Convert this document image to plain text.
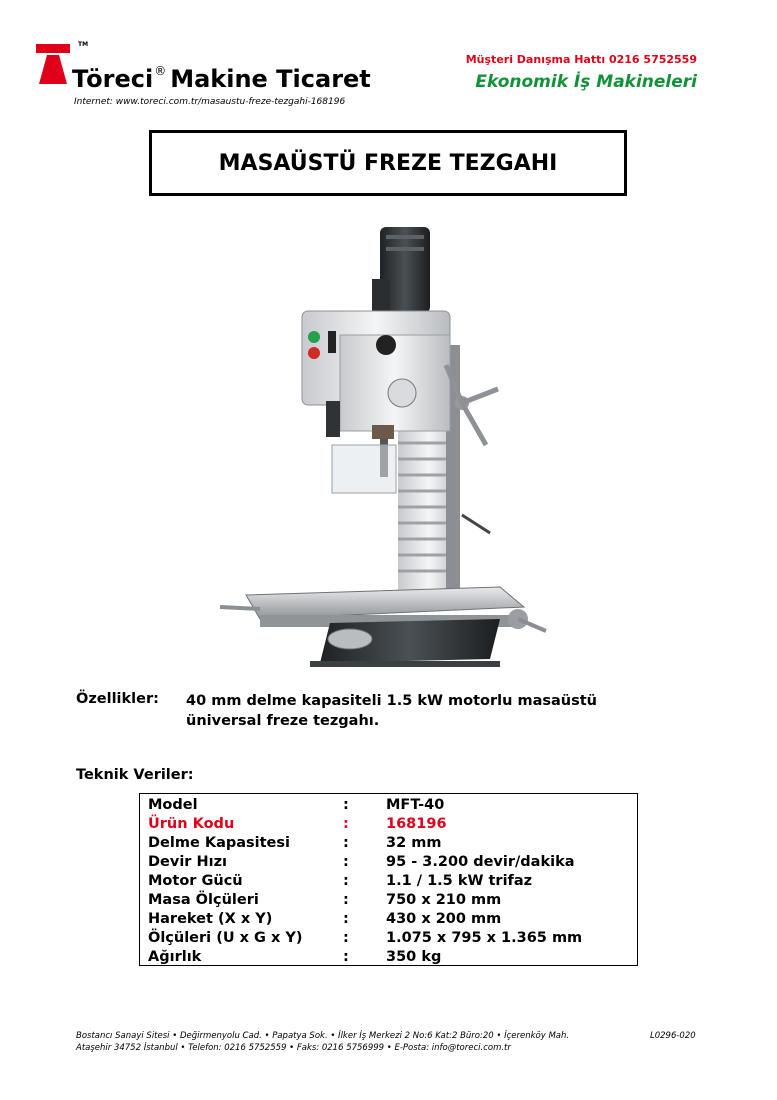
TM
Töreci® Makine Ticaret
Internet: www.toreci.com.tr/masaustu-freze-tezgahi-168196
Müşteri Danışma Hattı 0216 5752559
Ekonomik İş Makineleri
MASAÜSTÜ FREZE TEZGAHI
Özellikler: 40 mm delme kapasiteli 1.5 kW motorlu masaüstü
üniversal freze tezgahı.
Teknik Veriler:
Model	:	MFT-40
Ürün Kodu	:	168196
Delme Kapasitesi	:	32 mm
Devir Hızı	:	95 - 3.200 devir/dakika
Motor Gücü	:	1.1 / 1.5 kW trifaz
Masa Ölçüleri	:	750 x 210 mm
Hareket (X x Y)	:	430 x 200 mm
Ölçüleri (U x G x Y)	:	1.075 x 795 x 1.365 mm
Ağırlık	:	350 kg
Bostancı Sanayi Sitesi • Değirmenyolu Cad. • Papatya Sok. • İlker İş Merkezi 2 No:6 Kat:2 Büro:20 • İçerenköy Mah.
Ataşehir 34752 İstanbul • Telefon: 0216 5752559 • Faks: 0216 5756999 • E-Posta: info@toreci.com.tr
L0296-020
